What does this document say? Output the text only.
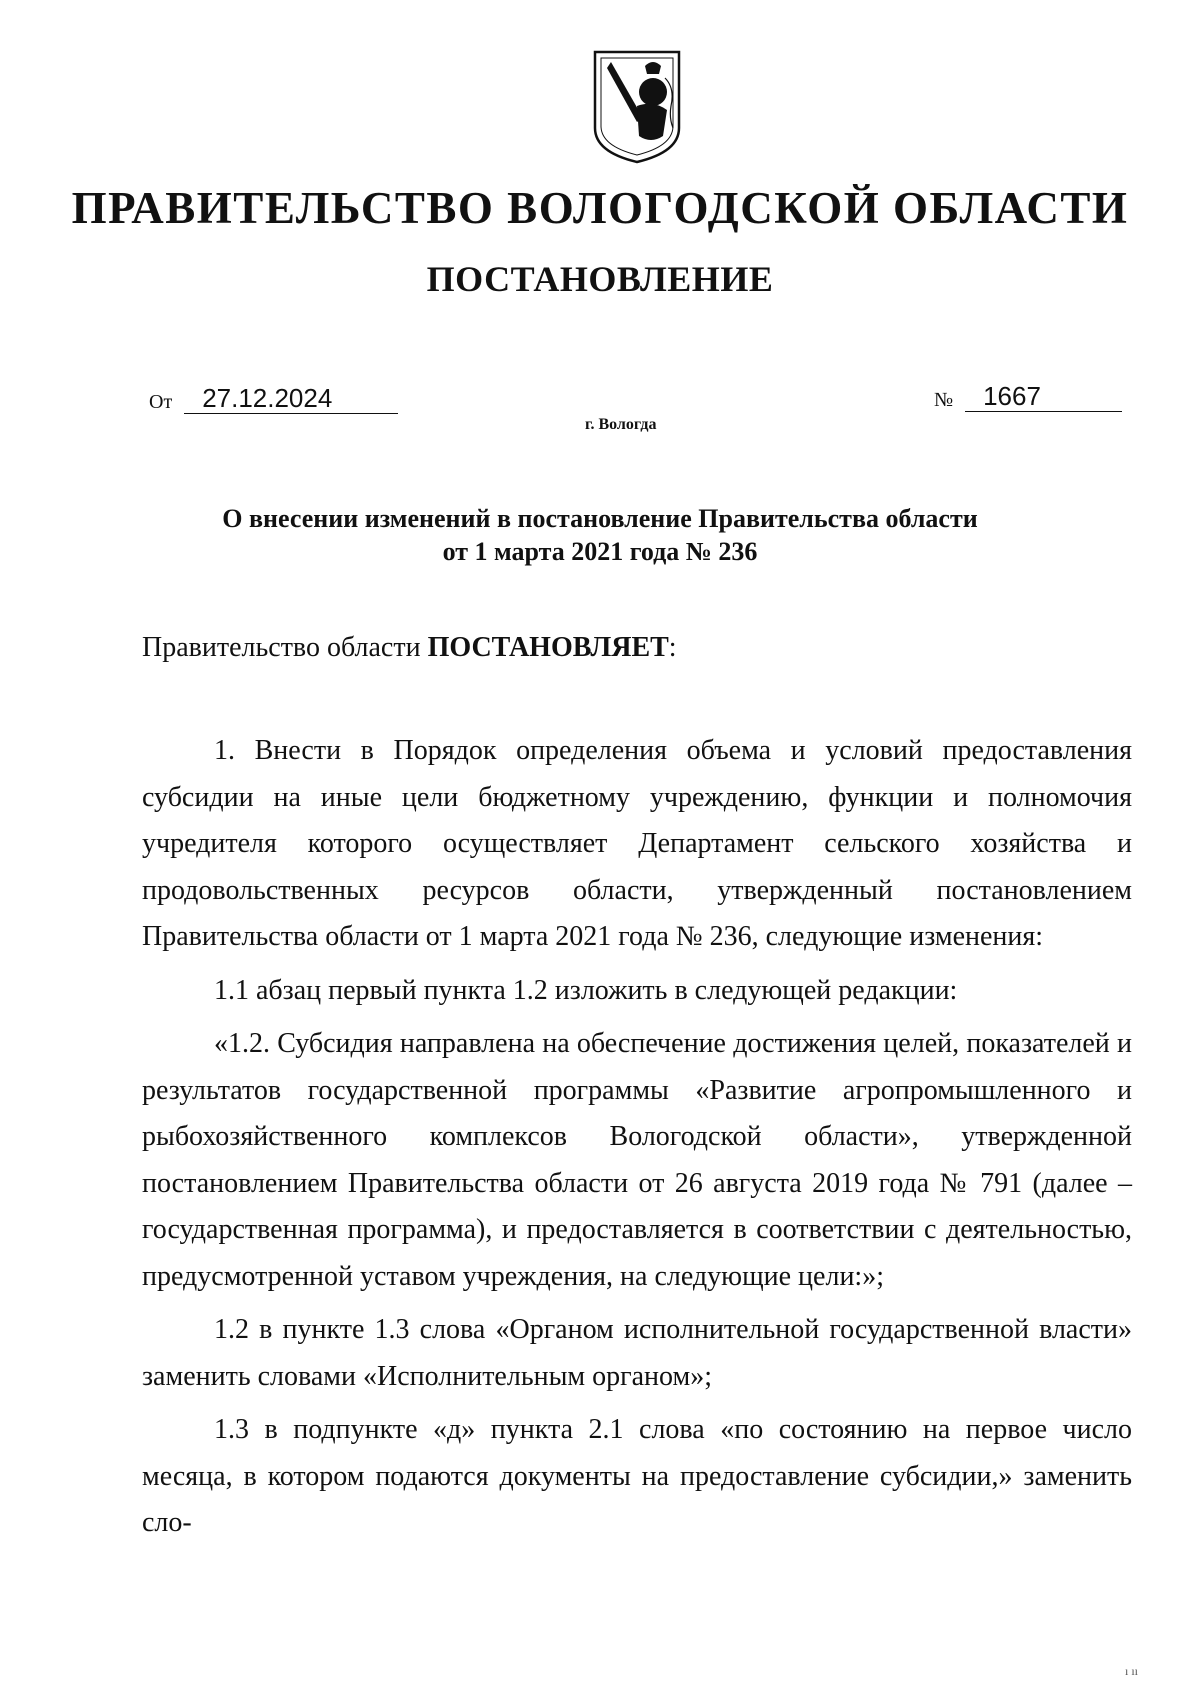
ПРАВИТЕЛЬСТВО ВОЛОГОДСКОЙ ОБЛАСТИ
ПОСТАНОВЛЕНИЕ
От 27.12.2024	№ 1667
г. Вологда
О внесении изменений в постановление Правительства области
от 1 марта 2021 года № 236
Правительство области ПОСТАНОВЛЯЕТ:

1. Внести в Порядок определения объема и условий предоставления субсидии на иные цели бюджетному учреждению, функции и полномочия учредителя которого осуществляет Департамент сельского хозяйства и продовольственных ресурсов области, утвержденный постановлением Правительства области от 1 марта 2021 года № 236, следующие изменения:

1.1 абзац первый пункта 1.2 изложить в следующей редакции:

«1.2. Субсидия направлена на обеспечение достижения целей, показателей и результатов государственной программы «Развитие агропромышленного и рыбохозяйственного комплексов Вологодской области», утвержденной постановлением Правительства области от 26 августа 2019 года № 791 (далее – государственная программа), и предоставляется в соответствии с деятельностью, предусмотренной уставом учреждения, на следующие цели:»;

1.2 в пункте 1.3 слова «Органом исполнительной государственной власти» заменить словами «Исполнительным органом»;

1.3 в подпункте «д» пункта 2.1 слова «по состоянию на первое число месяца, в котором подаются документы на предоставление субсидии,» заменить сло-

ı ıı
